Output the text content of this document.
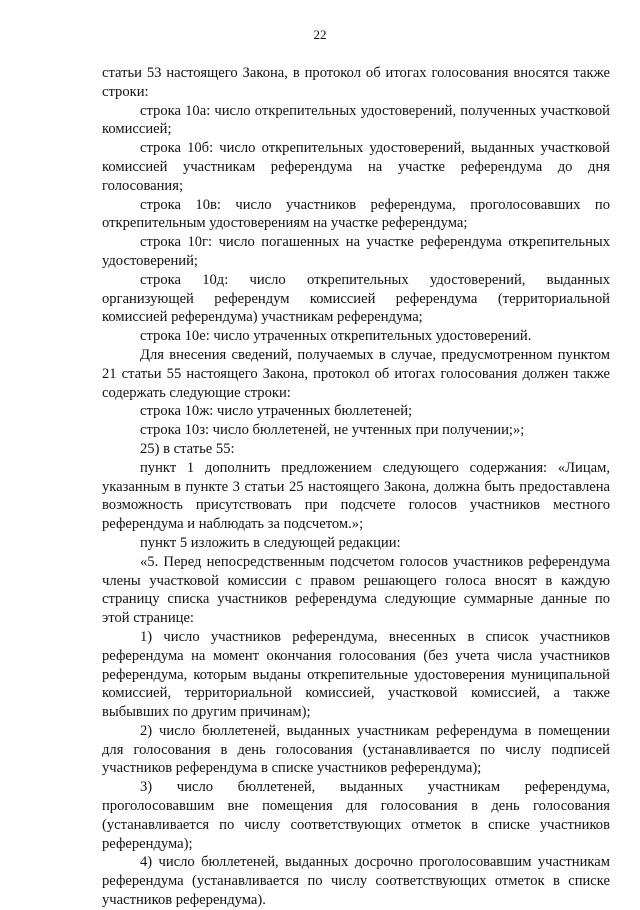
22

статьи 53 настоящего Закона, в протокол об итогах голосования вносятся также строки:

строка 10а: число открепительных удостоверений, полученных участковой комиссией;

строка 10б: число открепительных удостоверений, выданных участковой комиссией участникам референдума на участке референдума до дня голосования;

строка 10в: число участников референдума, проголосовавших по открепительным удостоверениям на участке референдума;

строка 10г: число погашенных на участке референдума открепительных удостоверений;

строка 10д: число открепительных удостоверений, выданных организующей референдум комиссией референдума (территориальной комиссией референдума) участникам референдума;

строка 10е: число утраченных открепительных удостоверений.

Для внесения сведений, получаемых в случае, предусмотренном пунктом 21 статьи 55 настоящего Закона, протокол об итогах голосования должен также содержать следующие строки:

строка 10ж: число утраченных бюллетеней;

строка 10з: число бюллетеней, не учтенных при получении;»;

25) в статье 55:

пункт 1 дополнить предложением следующего содержания: «Лицам, указанным в пункте 3 статьи 25 настоящего Закона, должна быть предоставлена возможность присутствовать при подсчете голосов участников местного референдума и наблюдать за подсчетом.»;

пункт 5 изложить в следующей редакции:

«5. Перед непосредственным подсчетом голосов участников референдума члены участковой комиссии с правом решающего голоса вносят в каждую страницу списка участников референдума следующие суммарные данные по этой странице:

1) число участников референдума, внесенных в список участников референдума на момент окончания голосования (без учета числа участников референдума, которым выданы открепительные удостоверения муниципальной комиссией, территориальной комиссией, участковой комиссией, а также выбывших по другим причинам);

2) число бюллетеней, выданных участникам референдума в помещении для голосования в день голосования (устанавливается по числу подписей участников референдума в списке участников референдума);

3) число бюллетеней, выданных участникам референдума, проголосовавшим вне помещения для голосования в день голосования (устанавливается по числу соответствующих отметок в списке участников референдума);

4) число бюллетеней, выданных досрочно проголосовавшим участникам референдума (устанавливается по числу соответствующих отметок в списке участников референдума).
